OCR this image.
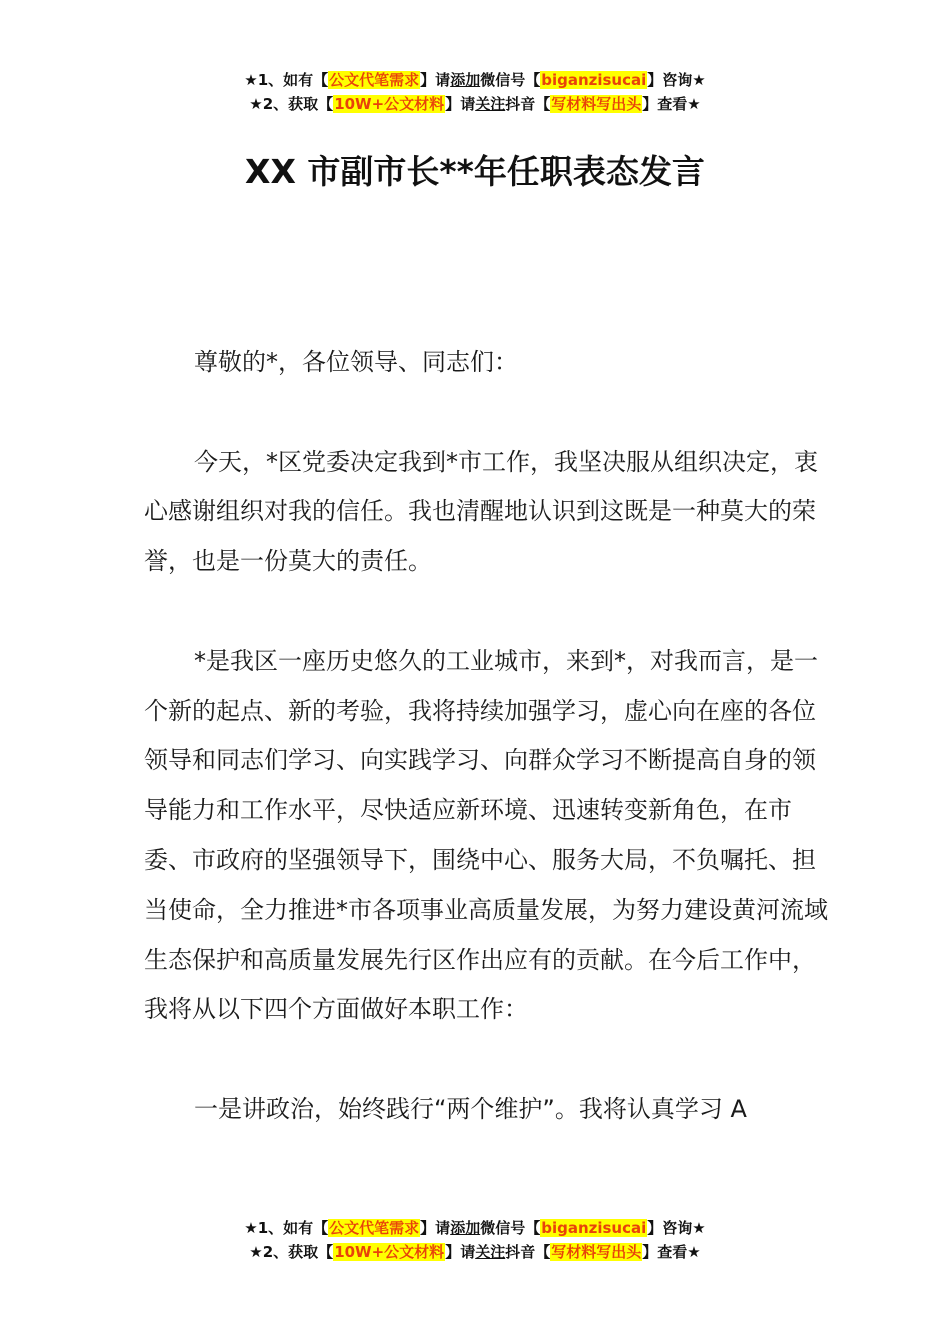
★1、如有【公文代笔需求】请添加微信号【biganzisucai】咨询★
★2、获取【10W+公文材料】请关注抖音【写材料写出头】查看★
XX 市副市长**年任职表态发言

尊敬的*，各位领导、同志们：

今天，*区党委决定我到*市工作，我坚决服从组织决定，衷心感谢组织对我的信任。我也清醒地认识到这既是一种莫大的荣誉，也是一份莫大的责任。

*是我区一座历史悠久的工业城市，来到*，对我而言，是一个新的起点、新的考验，我将持续加强学习，虚心向在座的各位领导和同志们学习、向实践学习、向群众学习不断提高自身的领导能力和工作水平，尽快适应新环境、迅速转变新角色，在市委、市政府的坚强领导下，围绕中心、服务大局，不负嘱托、担当使命，全力推进*市各项事业高质量发展，为努力建设黄河流域生态保护和高质量发展先行区作出应有的贡献。在今后工作中，我将从以下四个方面做好本职工作：

一是讲政治，始终践行“两个维护”。我将认真学习 A

★1、如有【公文代笔需求】请添加微信号【biganzisucai】咨询★
★2、获取【10W+公文材料】请关注抖音【写材料写出头】查看★
